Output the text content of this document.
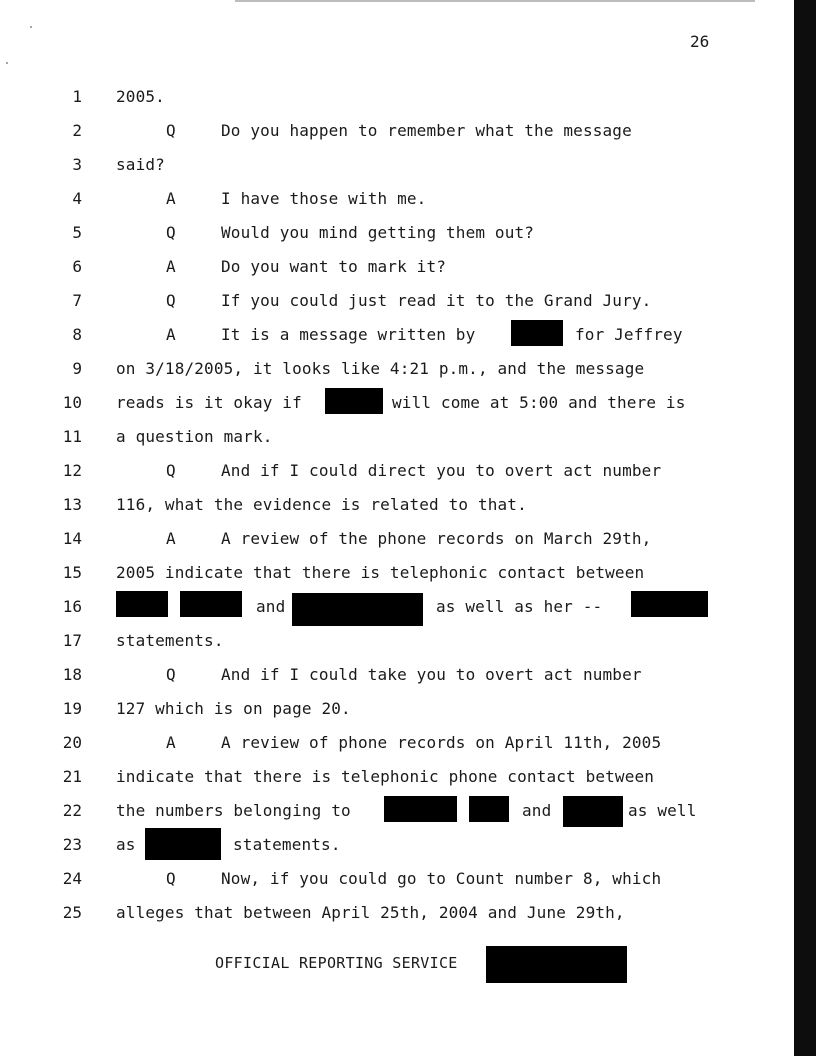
26
1
2
3
4
5
6
7
8
9
10
11
12
13
14
15
16
17
18
19
20
21
22
23
24
25
Q
A
Q
A
Q
A
Q
A
Q
A
Q
2005.
Do you happen to remember what the message
said?
I have those with me.
Would you mind getting them out?
Do you want to mark it?
If you could just read it to the Grand Jury.
It is a message written by	for Jeffrey
on 3/18/2005, it looks like 4:21 p.m., and the message
reads is it okay if	will come at 5:00 and there is
a question mark.
And if I could direct you to overt act number
116, what the evidence is related to that.
A review of the phone records on March 29th,
2005 indicate that there is telephonic contact between
and	as well as her --
statements.
And if I could take you to overt act number
127 which is on page 20.
A review of phone records on April 11th, 2005
indicate that there is telephonic phone contact between
the numbers belonging to	and	as well
as	statements.
Now, if you could go to Count number 8, which
alleges that between April 25th, 2004 and June 29th,
OFFICIAL REPORTING SERVICE
